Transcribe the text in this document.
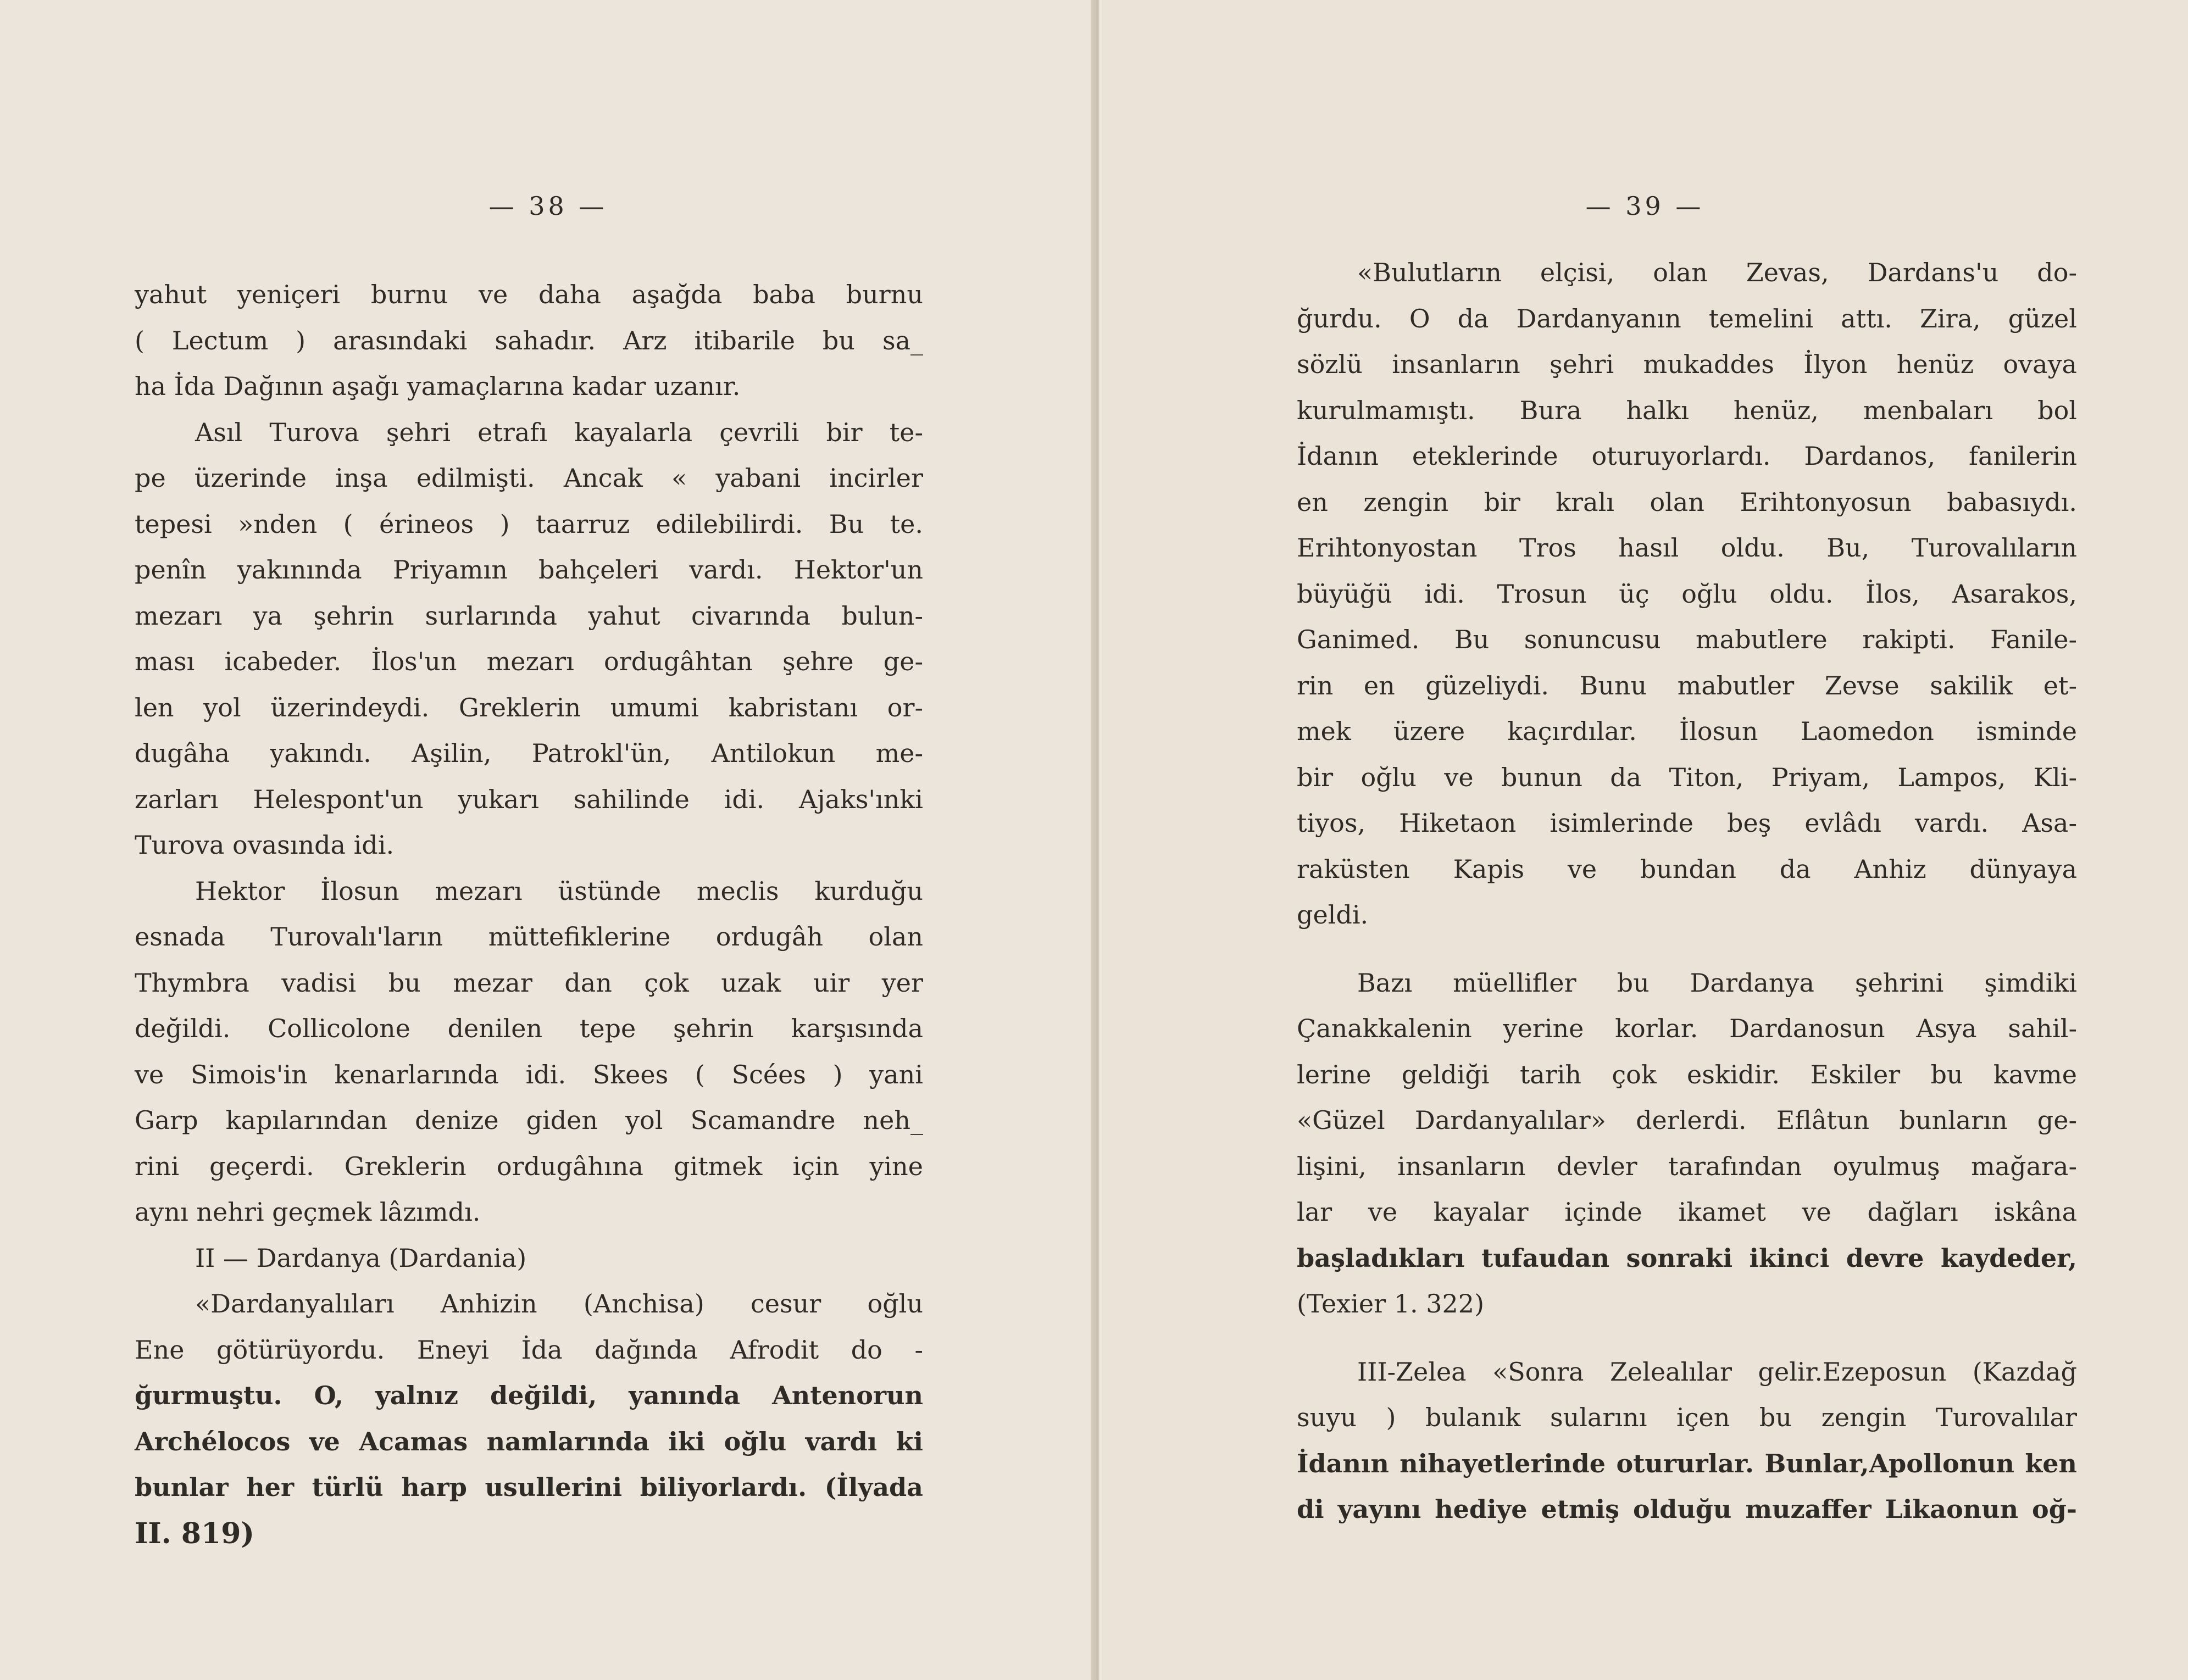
— 38 —
yahut yeniçeri burnu ve daha aşağda baba burnu
( Lectum ) arasındaki sahadır. Arz itibarile bu sa_
ha İda Dağının aşağı yamaçlarına kadar uzanır.
Asıl Turova şehri etrafı kayalarla çevrili bir te-
pe üzerinde inşa edilmişti. Ancak « yabani incirler
tepesi »nden ( érineos ) taarruz edilebilirdi. Bu te.
penîn yakınında Priyamın bahçeleri vardı. Hektor'un
mezarı ya şehrin surlarında yahut civarında bulun-
ması icabeder. İlos'un mezarı ordugâhtan şehre ge-
len yol üzerindeydi. Greklerin umumi kabristanı or-
dugâha yakındı. Aşilin, Patrokl'ün, Antilokun me-
zarları Helespont'un yukarı sahilinde idi. Ajaks'ınki
Turova ovasında idi.
Hektor İlosun mezarı üstünde meclis kurduğu
esnada Turovalı'ların müttefiklerine ordugâh olan
Thymbra vadisi bu mezar dan çok uzak uir yer
değildi. Collicolone denilen tepe şehrin karşısında
ve Simois'in kenarlarında idi. Skees ( Scées ) yani
Garp kapılarından denize giden yol Scamandre neh_
rini geçerdi. Greklerin ordugâhına gitmek için yine
aynı nehri geçmek lâzımdı.
II — Dardanya (Dardania)
«Dardanyalıları Anhizin (Anchisa) cesur oğlu
Ene götürüyordu. Eneyi İda dağında Afrodit do -
ğurmuştu. O, yalnız değildi, yanında Antenorun
Archélocos ve Acamas namlarında iki oğlu vardı ki
bunlar her türlü harp usullerini biliyorlardı. (İlyada
II. 819)
— 39 —
«Bulutların elçisi, olan Zevas, Dardans'u do-
ğurdu. O da Dardanyanın temelini attı. Zira, güzel
sözlü insanların şehri mukaddes İlyon henüz ovaya
kurulmamıştı. Bura halkı henüz, menbaları bol
İdanın eteklerinde oturuyorlardı. Dardanos, fanilerin
en zengin bir kralı olan Erihtonyosun babasıydı.
Erihtonyostan Tros hasıl oldu. Bu, Turovalıların
büyüğü idi. Trosun üç oğlu oldu. İlos, Asarakos,
Ganimed. Bu sonuncusu mabutlere rakipti. Fanile-
rin en güzeliydi. Bunu mabutler Zevse sakilik et-
mek üzere kaçırdılar. İlosun Laomedon isminde
bir oğlu ve bunun da Titon, Priyam, Lampos, Kli-
tiyos, Hiketaon isimlerinde beş evlâdı vardı. Asa-
raküsten Kapis ve bundan da Anhiz dünyaya
geldi.
Bazı müellifler bu Dardanya şehrini şimdiki
Çanakkalenin yerine korlar. Dardanosun Asya sahil-
lerine geldiği tarih çok eskidir. Eskiler bu kavme
«Güzel Dardanyalılar» derlerdi. Eflâtun bunların ge-
lişini, insanların devler tarafından oyulmuş mağara-
lar ve kayalar içinde ikamet ve dağları iskâna
başladıkları tufaudan sonraki ikinci devre kaydeder,
(Texier 1. 322)
III-Zelea «Sonra Zelealılar gelir.Ezeposun (Kazdağ
suyu ) bulanık sularını içen bu zengin Turovalılar
İdanın nihayetlerinde otururlar. Bunlar,Apollonun ken
di yayını hediye etmiş olduğu muzaffer Likaonun oğ-
